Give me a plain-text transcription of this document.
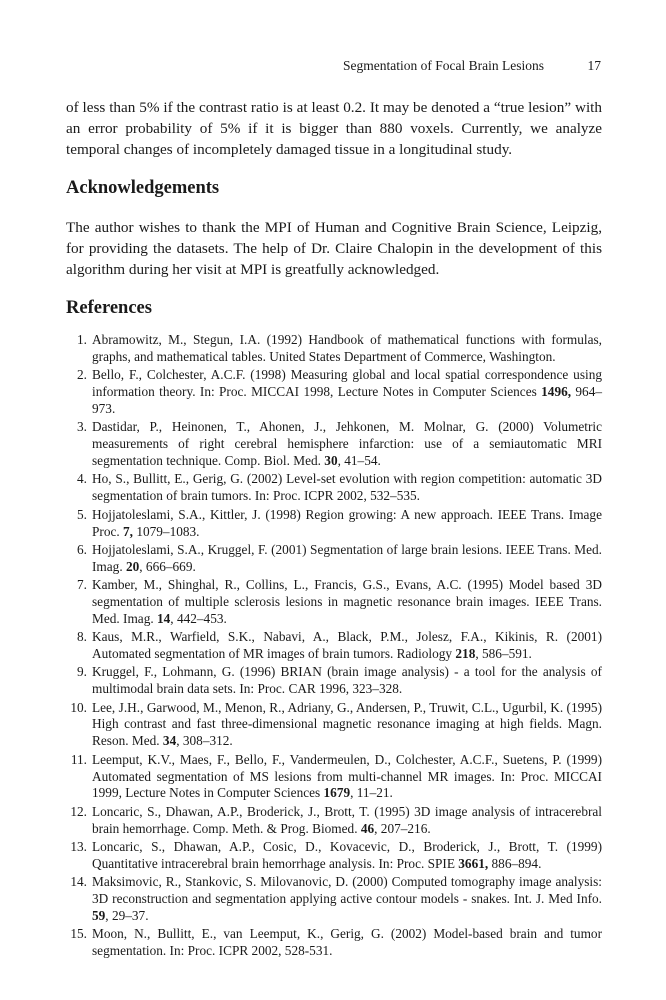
Segmentation of Focal Brain Lesions	17

of less than 5% if the contrast ratio is at least 0.2. It may be denoted a “true lesion” with an error probability of 5% if it is bigger than 880 voxels. Currently, we analyze temporal changes of incompletely damaged tissue in a longitudinal study.

Acknowledgements

The author wishes to thank the MPI of Human and Cognitive Brain Science, Leipzig, for providing the datasets. The help of Dr. Claire Chalopin in the development of this algorithm during her visit at MPI is greatfully acknowledged.

References
1. Abramowitz, M., Stegun, I.A. (1992) Handbook of mathematical functions with formulas, graphs, and mathematical tables. United States Department of Commerce, Washington.
2. Bello, F., Colchester, A.C.F. (1998) Measuring global and local spatial correspondence using information theory. In: Proc. MICCAI 1998, Lecture Notes in Computer Sciences 1496, 964–973.
3. Dastidar, P., Heinonen, T., Ahonen, J., Jehkonen, M. Molnar, G. (2000) Volumetric measurements of right cerebral hemisphere infarction: use of a semiautomatic MRI segmentation technique. Comp. Biol. Med. 30, 41–54.
4. Ho, S., Bullitt, E., Gerig, G. (2002) Level-set evolution with region competition: automatic 3D segmentation of brain tumors. In: Proc. ICPR 2002, 532–535.
5. Hojjatoleslami, S.A., Kittler, J. (1998) Region growing: A new approach. IEEE Trans. Image Proc. 7, 1079–1083.
6. Hojjatoleslami, S.A., Kruggel, F. (2001) Segmentation of large brain lesions. IEEE Trans. Med. Imag. 20, 666–669.
7. Kamber, M., Shinghal, R., Collins, L., Francis, G.S., Evans, A.C. (1995) Model based 3D segmentation of multiple sclerosis lesions in magnetic resonance brain images. IEEE Trans. Med. Imag. 14, 442–453.
8. Kaus, M.R., Warfield, S.K., Nabavi, A., Black, P.M., Jolesz, F.A., Kikinis, R. (2001) Automated segmentation of MR images of brain tumors. Radiology 218, 586–591.
9. Kruggel, F., Lohmann, G. (1996) BRIAN (brain image analysis) - a tool for the analysis of multimodal brain data sets. In: Proc. CAR 1996, 323–328.
10. Lee, J.H., Garwood, M., Menon, R., Adriany, G., Andersen, P., Truwit, C.L., Ugurbil, K. (1995) High contrast and fast three-dimensional magnetic resonance imaging at high fields. Magn. Reson. Med. 34, 308–312.
11. Leemput, K.V., Maes, F., Bello, F., Vandermeulen, D., Colchester, A.C.F., Suetens, P. (1999) Automated segmentation of MS lesions from multi-channel MR images. In: Proc. MICCAI 1999, Lecture Notes in Computer Sciences 1679, 11–21.
12. Loncaric, S., Dhawan, A.P., Broderick, J., Brott, T. (1995) 3D image analysis of intracerebral brain hemorrhage. Comp. Meth. & Prog. Biomed. 46, 207–216.
13. Loncaric, S., Dhawan, A.P., Cosic, D., Kovacevic, D., Broderick, J., Brott, T. (1999) Quantitative intracerebral brain hemorrhage analysis. In: Proc. SPIE 3661, 886–894.
14. Maksimovic, R., Stankovic, S. Milovanovic, D. (2000) Computed tomography image analysis: 3D reconstruction and segmentation applying active contour models - snakes. Int. J. Med Info. 59, 29–37.
15. Moon, N., Bullitt, E., van Leemput, K., Gerig, G. (2002) Model-based brain and tumor segmentation. In: Proc. ICPR 2002, 528-531.
